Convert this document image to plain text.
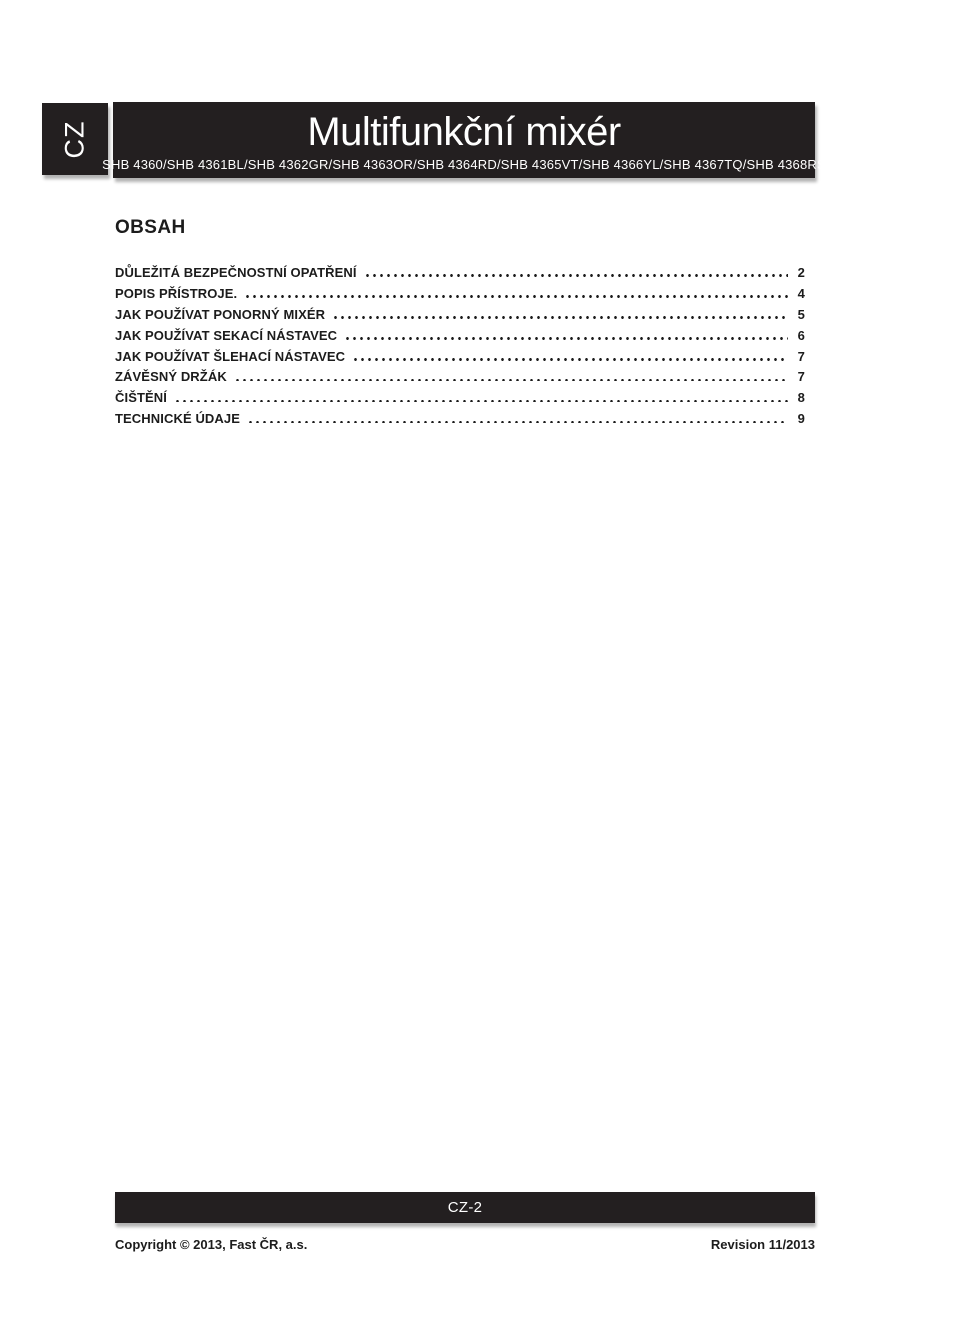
CZ	Multifunkční mixér
SHB 4360/SHB 4361BL/SHB 4362GR/SHB 4363OR/SHB 4364RD/SHB 4365VT/SHB 4366YL/SHB 4367TQ/SHB 4368RS
OBSAH
DŮLEŽITÁ BEZPEČNOSTNÍ OPATŘENÍ	2
POPIS PŘÍSTROJE.	4
JAK POUŽÍVAT PONORNÝ MIXÉR	5
JAK POUŽÍVAT SEKACÍ NÁSTAVEC	6
JAK POUŽÍVAT ŠLEHACÍ NÁSTAVEC	7
ZÁVĚSNÝ DRŽÁK	7
ČIŠTĚNÍ	8
TECHNICKÉ ÚDAJE	9
CZ-2
Copyright © 2013, Fast ČR, a.s.	Revision 11/2013
